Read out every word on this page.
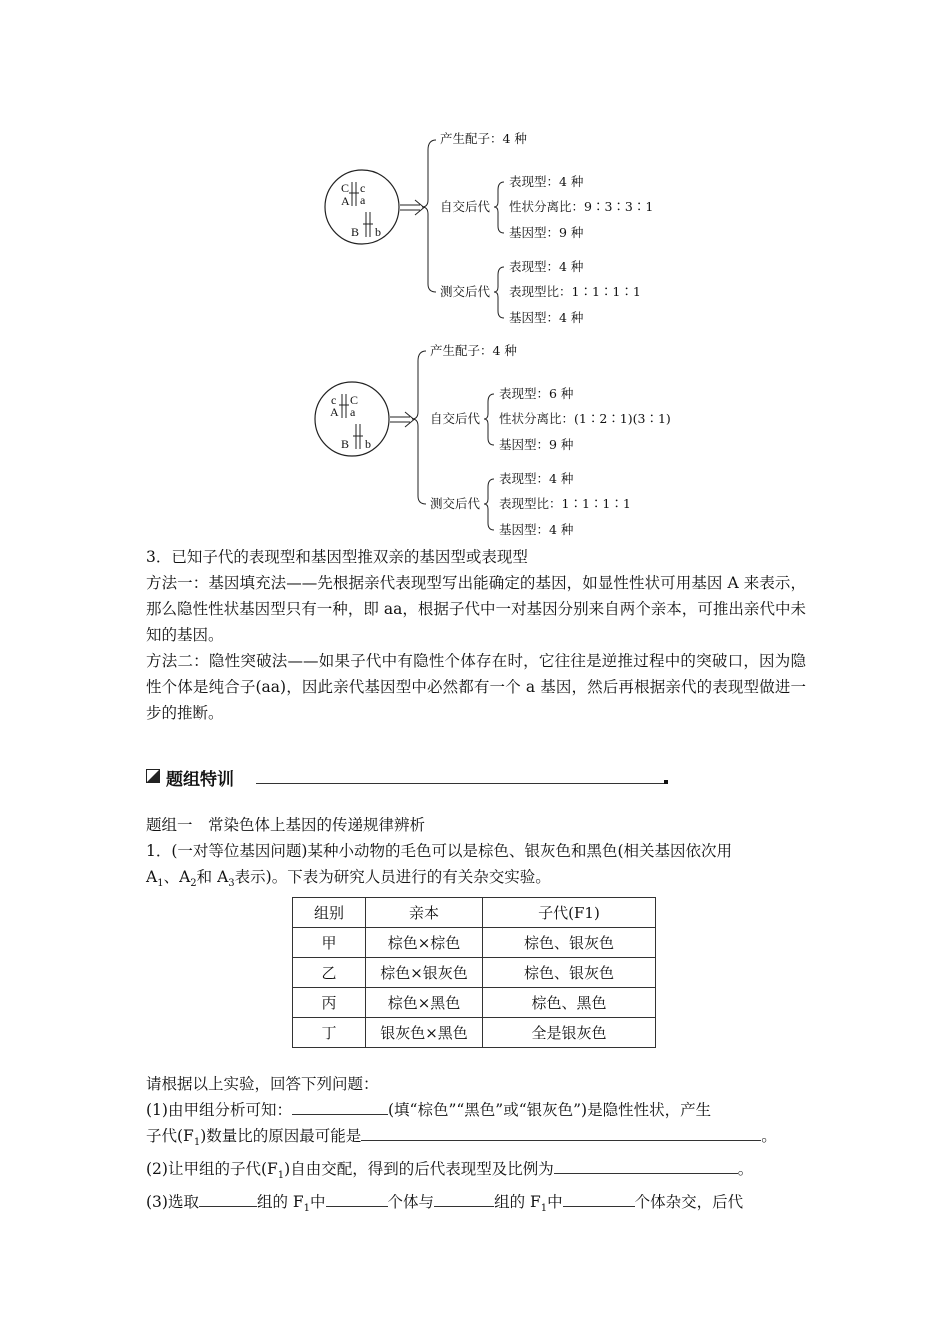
C c
A a
B b
产生配子：4 种
自交后代
表现型：4 种
性状分离比：9∶3∶3∶1
基因型：9 种
测交后代
表现型：4 种
表现型比：1∶1∶1∶1
基因型：4 种
c C
A a
B b
产生配子：4 种
自交后代
表现型：6 种
性状分离比：(1∶2∶1)(3∶1)
基因型：9 种
测交后代
表现型：4 种
表现型比：1∶1∶1∶1
基因型：4 种

3．已知子代的表现型和基因型推双亲的基因型或表现型

方法一：基因填充法——先根据亲代表现型写出能确定的基因，如显性性状可用基因 A 来表示，那么隐性性状基因型只有一种，即 aa，根据子代中一对基因分别来自两个亲本，可推出亲代中未知的基因。

方法二：隐性突破法——如果子代中有隐性个体存在时，它往往是逆推过程中的突破口，因为隐性个体是纯合子(aa)，因此亲代基因型中必然都有一个 a 基因，然后再根据亲代的表现型做进一步的推断。

题组特训

题组一　常染色体上基因的传递规律辨析

1．(一对等位基因问题)某种小动物的毛色可以是棕色、银灰色和黑色(相关基因依次用

$A_1$、$A_2$和 $A_3$表示)。下表为研究人员进行的有关杂交实验。

组别	亲本	子代(F1)
甲	棕色×棕色	棕色、银灰色
乙	棕色×银灰色	棕色、银灰色
丙	棕色×黑色	棕色、黑色
丁	银灰色×黑色	全是银灰色

请根据以上实验，回答下列问题：

(1)由甲组分析可知：	(填“棕色”“黑色”或“银灰色”)是隐性性状，产生

子代$(F_1)$数量比的原因最可能是	。

(2)让甲组的子代$(F_1)$自由交配，得到的后代表现型及比例为	。

(3)选取	组的 $F_1$中	个体与	组的 $F_1$中	个体杂交，后代
